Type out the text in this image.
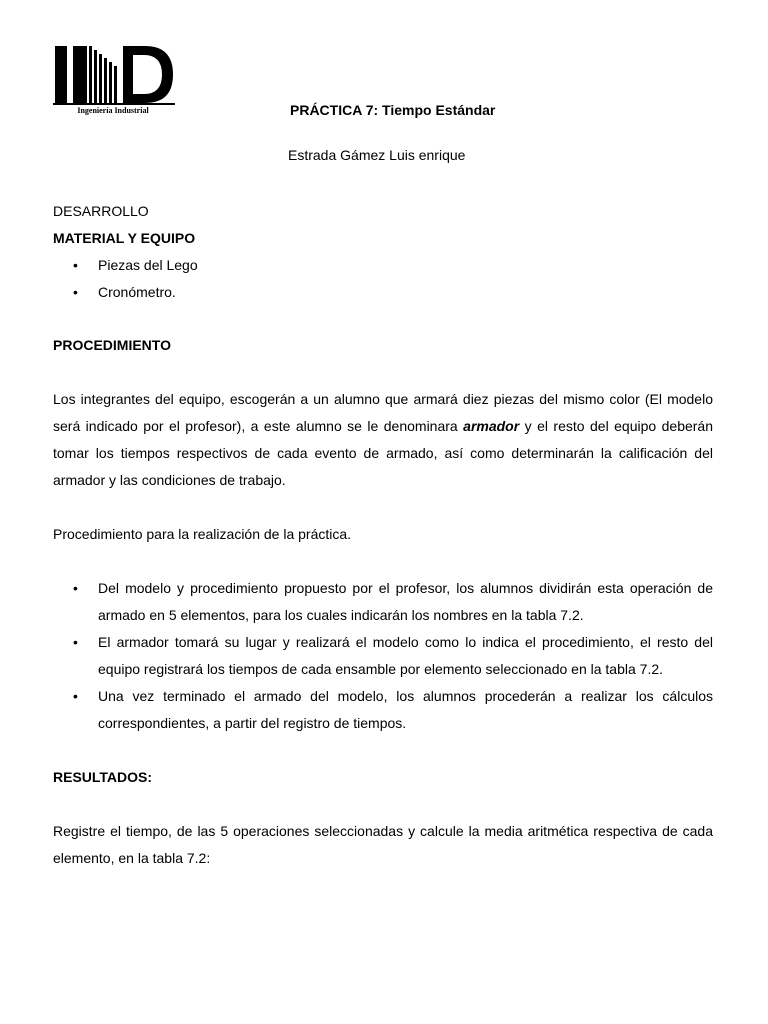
Ingeniería Industrial	PRÁCTICA 7: Tiempo Estándar
Estrada Gámez Luis enrique

DESARROLLO

MATERIAL Y EQUIPO

• Piezas del Lego
• Cronómetro.

PROCEDIMIENTO

Los integrantes del equipo, escogerán a un alumno que armará diez piezas del mismo color (El modelo será indicado por el profesor), a este alumno se le denominara armador y el resto del equipo deberán tomar los tiempos respectivos de cada evento de armado, así como determinarán la calificación del armador y las condiciones de trabajo.

Procedimiento para la realización de la práctica.

• Del modelo y procedimiento propuesto por el profesor, los alumnos dividirán esta operación de armado en 5 elementos, para los cuales indicarán los nombres en la tabla 7.2.
• El armador tomará su lugar y realizará el modelo como lo indica el procedimiento, el resto del equipo registrará los tiempos de cada ensamble por elemento seleccionado en la tabla 7.2.
• Una vez terminado el armado del modelo, los alumnos procederán a realizar los cálculos correspondientes, a partir del registro de tiempos.

RESULTADOS:

Registre el tiempo, de las 5 operaciones seleccionadas y calcule la media aritmética respectiva de cada elemento, en la tabla 7.2:
